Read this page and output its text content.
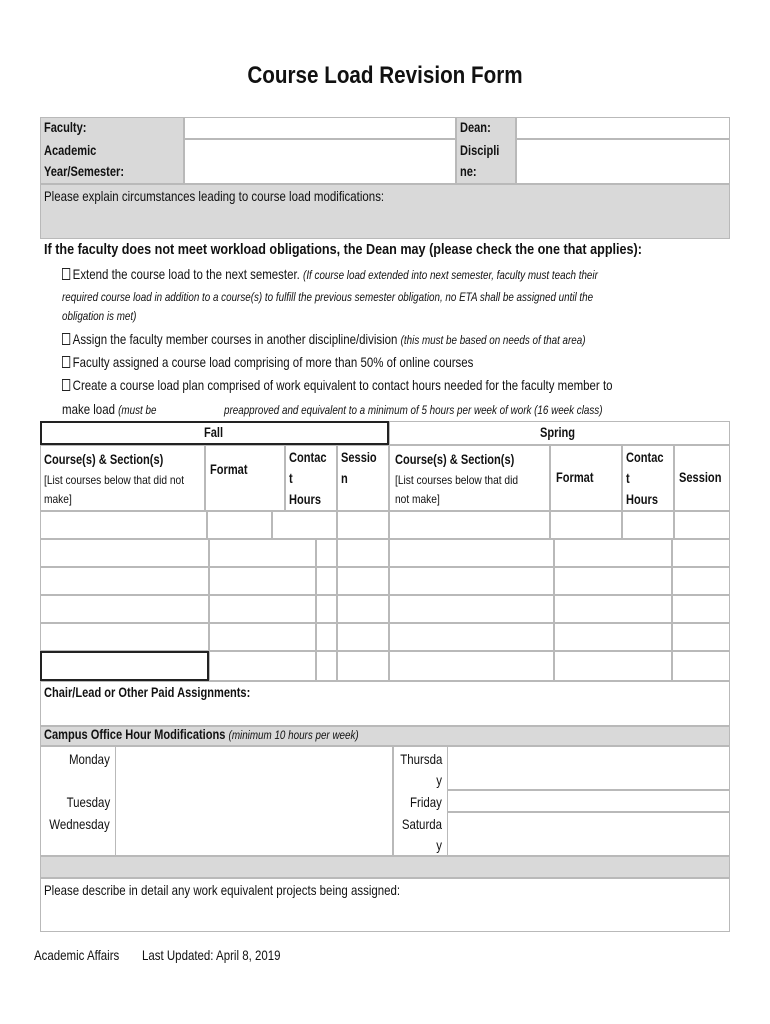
Course Load Revision Form
Faculty:
Academic
Year/Semester:
Dean:
Discipli
ne:
Please explain circumstances leading to course load modifications:
If the faculty does not meet workload obligations, the Dean may (please check the one that applies):
Extend the course load to the next semester. (If course load extended into next semester, faculty must teach their
required course load in addition to a course(s) to fulfill the previous semester obligation, no ETA shall be assigned until the
obligation is met)
Assign the faculty member courses in another discipline/division (this must be based on needs of that area)
Faculty assigned a course load comprising of more than 50% of online courses
Create a course load plan comprised of work equivalent to contact hours needed for the faculty member to
make load (must be	preapproved and equivalent to a minimum of 5 hours per week of work (16 week class)
Fall	Spring
Course(s) & Section(s)
[List courses below that did not
make]
Format
Contac
t
Hours
Sessio
n
Course(s) & Section(s)
[List courses below that did
not make]
Format
Contac
t
Hours
Session
Chair/Lead or Other Paid Assignments:
Campus Office Hour Modifications (minimum 10 hours per week)
Monday
Tuesday
Wednesday
Thursda
y
Friday
Saturda
y
Please describe in detail any work equivalent projects being assigned:
Academic Affairs Last Updated: April 8, 2019
